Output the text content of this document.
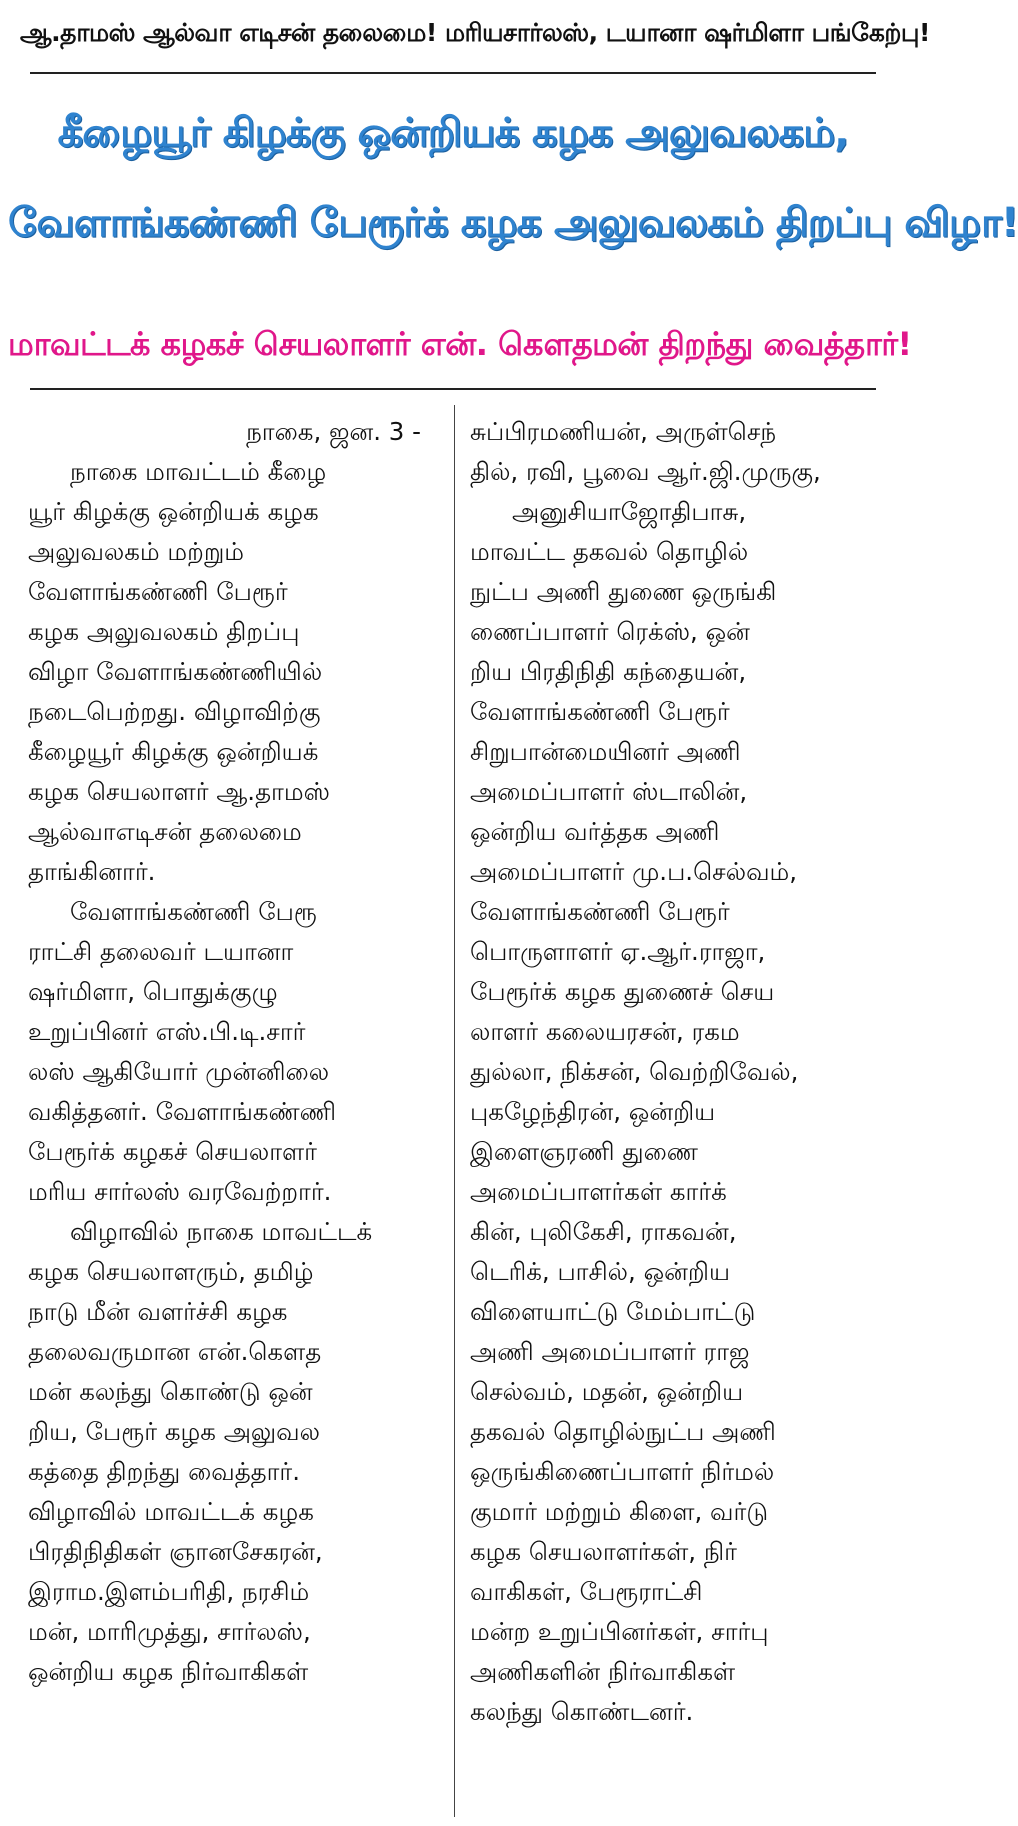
ஆ.தாமஸ் ஆல்வா எடிசன் தலைமை! மரியசார்லஸ், டயானா ஷர்மிளா பங்கேற்பு!
கீழையூர் கிழக்கு ஒன்றியக் கழக அலுவலகம்,
வேளாங்கண்ணி பேரூர்க் கழக அலுவலகம் திறப்பு விழா!
மாவட்டக் கழகச் செயலாளர் என். கௌதமன் திறந்து வைத்தார்!
நாகை, ஜன. 3 -
நாகை மாவட்டம் கீழை
யூர் கிழக்கு ஒன்றியக் கழக
அலுவலகம் மற்றும்
வேளாங்கண்ணி பேரூர்
கழக அலுவலகம் திறப்பு
விழா வேளாங்கண்ணியில்
நடைபெற்றது. விழாவிற்கு
கீழையூர் கிழக்கு ஒன்றியக்
கழக செயலாளர் ஆ.தாமஸ்
ஆல்வாஎடிசன் தலைமை
தாங்கினார்.
வேளாங்கண்ணி பேரூ
ராட்சி தலைவர் டயானா
ஷர்மிளா, பொதுக்குழு
உறுப்பினர் எஸ்.பி.டி.சார்
லஸ் ஆகியோர் முன்னிலை
வகித்தனர். வேளாங்கண்ணி
பேரூர்க் கழகச் செயலாளர்
மரிய சார்லஸ் வரவேற்றார்.
விழாவில் நாகை மாவட்டக்
கழக செயலாளரும், தமிழ்
நாடு மீன் வளர்ச்சி கழக
தலைவருமான என்.கௌத
மன் கலந்து கொண்டு ஒன்
றிய, பேரூர் கழக அலுவல
கத்தை திறந்து வைத்தார்.
விழாவில் மாவட்டக் கழக
பிரதிநிதிகள் ஞானசேகரன்,
இராம.இளம்பரிதி, நரசிம்
மன், மாரிமுத்து, சார்லஸ்,
ஒன்றிய கழக நிர்வாகிகள்
சுப்பிரமணியன், அருள்செந்
தில், ரவி, பூவை ஆர்.ஜி.முருகு,
அனுசியாஜோதிபாசு,
மாவட்ட தகவல் தொழில்
நுட்ப அணி துணை ஒருங்கி
ணைப்பாளர் ரெக்ஸ், ஒன்
றிய பிரதிநிதி கந்தையன்,
வேளாங்கண்ணி பேரூர்
சிறுபான்மையினர் அணி
அமைப்பாளர் ஸ்டாலின்,
ஒன்றிய வர்த்தக அணி
அமைப்பாளர் மு.ப.செல்வம்,
வேளாங்கண்ணி பேரூர்
பொருளாளர் ஏ.ஆர்.ராஜா,
பேரூர்க் கழக துணைச் செய
லாளர் கலையரசன், ரகம
துல்லா, நிக்சன், வெற்றிவேல்,
புகழேந்திரன், ஒன்றிய
இளைஞரணி துணை
அமைப்பாளர்கள் கார்க்
கின், புலிகேசி, ராகவன்,
டெரிக், பாசில், ஒன்றிய
விளையாட்டு மேம்பாட்டு
அணி அமைப்பாளர் ராஜ
செல்வம், மதன், ஒன்றிய
தகவல் தொழில்நுட்ப அணி
ஒருங்கிணைப்பாளர் நிர்மல்
குமார் மற்றும் கிளை, வர்டு
கழக செயலாளர்கள், நிர்
வாகிகள், பேரூராட்சி
மன்ற உறுப்பினர்கள், சார்பு
அணிகளின் நிர்வாகிகள்
கலந்து கொண்டனர்.
